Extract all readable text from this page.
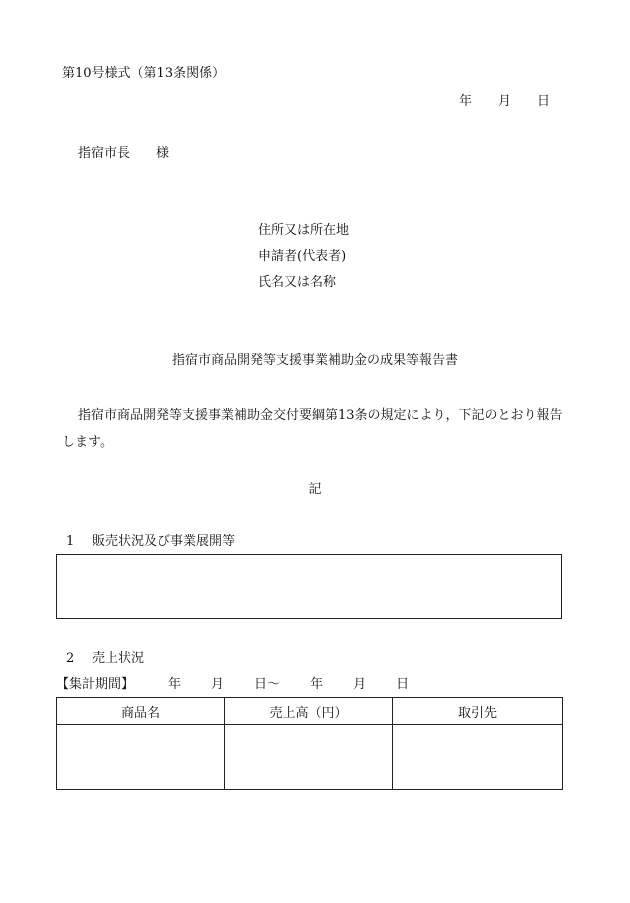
第10号様式（第13条関係）
年 月 日
指宿市長 様
住所又は所在地
申請者(代表者)
氏名又は名称
指宿市商品開発等支援事業補助金の成果等報告書
指宿市商品開発等支援事業補助金交付要綱第13条の規定により，下記のとおり報告します。
記
1 販売状況及び事業展開等
2 売上状況
【集計期間】	年 月 日～ 年 月 日
商品名	売上高（円）	取引先
